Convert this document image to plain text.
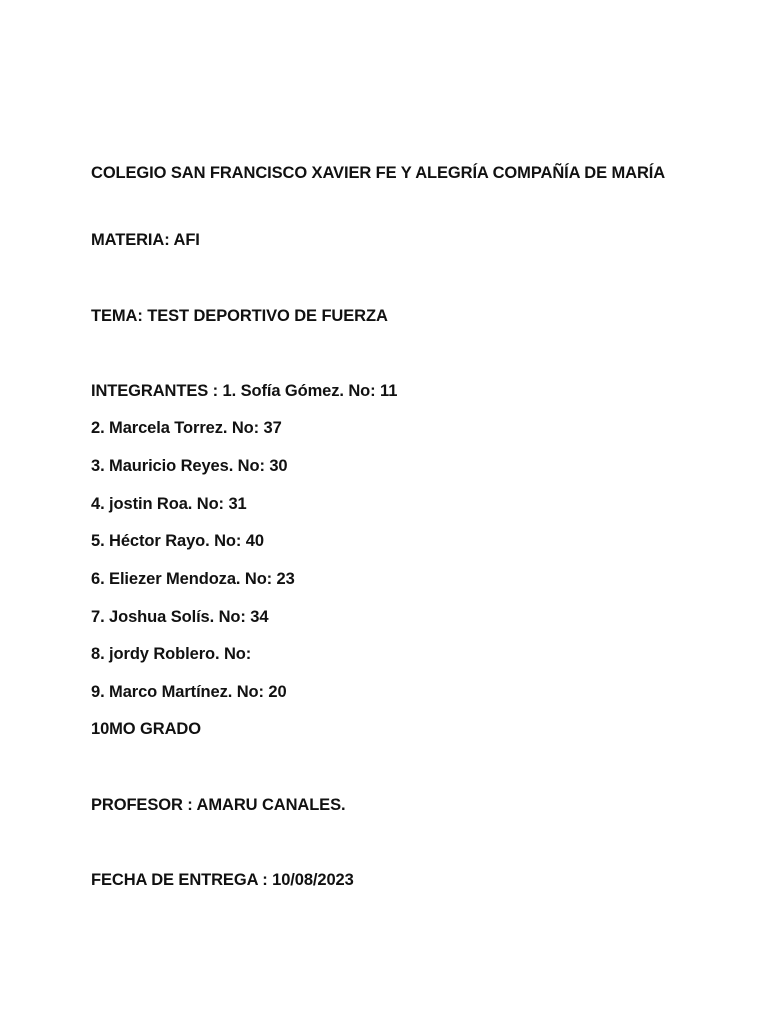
COLEGIO SAN FRANCISCO XAVIER FE Y ALEGRÍA COMPAÑÍA DE MARÍA
MATERIA: AFI
TEMA: TEST DEPORTIVO DE FUERZA
INTEGRANTES : 1. Sofía Gómez. No: 11
2. Marcela Torrez. No: 37
3. Mauricio Reyes. No: 30
4. jostin Roa. No: 31
5. Héctor Rayo. No: 40
6. Eliezer Mendoza. No: 23
7. Joshua Solís. No: 34
8. jordy Roblero. No:
9. Marco Martínez. No: 20
10MO GRADO
PROFESOR : AMARU CANALES.
FECHA DE ENTREGA : 10/08/2023
